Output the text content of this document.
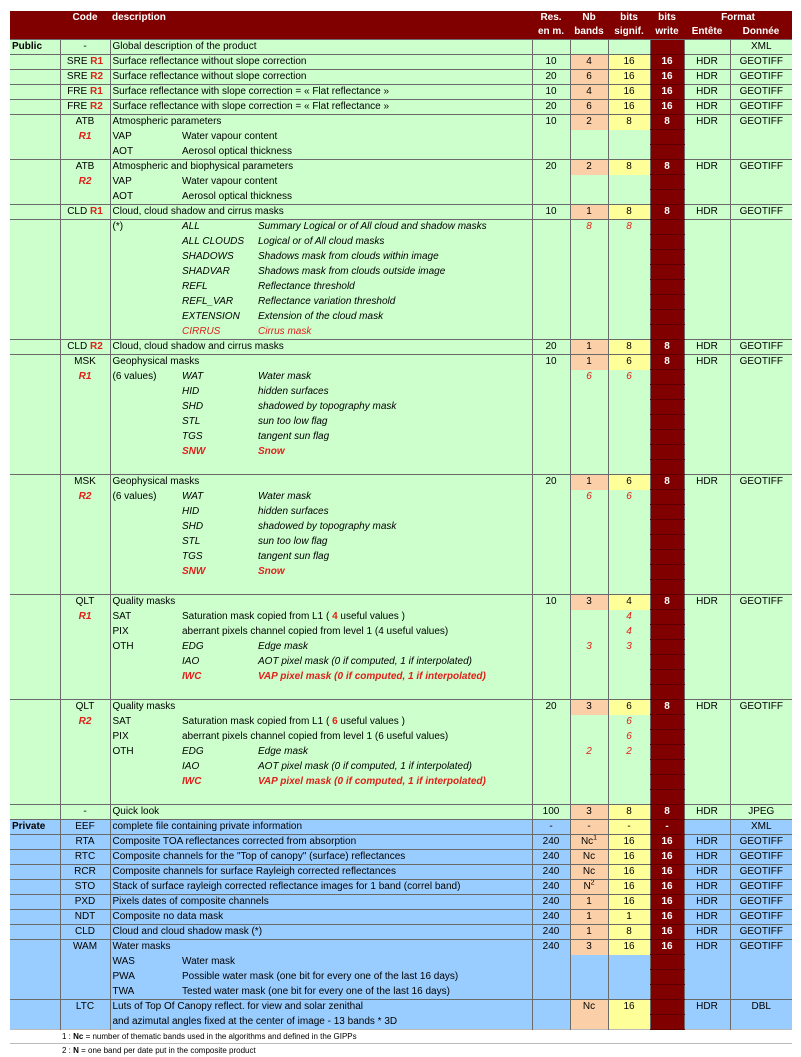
	Code	description			Res.	Nb	bits	bits	Format	
					en m.	bands	signif.	write	Entête	Donnée
Public	-	Global description of the product								XML
	SRE R1	Surface reflectance without slope correction			10	4	16	16	HDR	GEOTIFF
	SRE R2	Surface reflectance without slope correction			20	6	16	16	HDR	GEOTIFF
	FRE R1	Surface reflectance with slope correction = « Flat reflectance »			10	4	16	16	HDR	GEOTIFF
	FRE R2	Surface reflectance with slope correction = « Flat reflectance »			20	6	16	16	HDR	GEOTIFF
	ATB	Atmospheric parameters			10	2	8	8	HDR	GEOTIFF
	R1	VAP	Water vapour content							
		AOT	Aerosol optical thickness							
	ATB	Atmospheric and biophysical parameters			20	2	8	8	HDR	GEOTIFF
	R2	VAP	Water vapour content							
		AOT	Aerosol optical thickness							
	CLD R1	Cloud, cloud shadow and cirrus masks			10	1	8	8	HDR	GEOTIFF
		(*)	ALL	Summary Logical or of All cloud and shadow masks		8	8			
			ALL CLOUDS	Logical or of All cloud masks						
			SHADOWS	Shadows mask from clouds within image						
			SHADVAR	Shadows mask from clouds outside image						
			REFL	Reflectance threshold						
			REFL_VAR	Reflectance variation threshold						
			EXTENSION	Extension of the cloud mask						
			CIRRUS	Cirrus mask						
	CLD R2	Cloud, cloud shadow and cirrus masks			20	1	8	8	HDR	GEOTIFF
	MSK	Geophysical masks			10	1	6	8	HDR	GEOTIFF
	R1	(6 values)	WAT	Water mask		6	6			
			HID	hidden surfaces						
			SHD	shadowed by topography mask						
			STL	sun too low flag						
			TGS	tangent sun flag						
			SNW	Snow						

	MSK	Geophysical masks			20	1	6	8	HDR	GEOTIFF
	R2	(6 values)	WAT	Water mask		6	6			
			HID	hidden surfaces						
			SHD	shadowed by topography mask						
			STL	sun too low flag						
			TGS	tangent sun flag						
			SNW	Snow						

	QLT	Quality masks			10	3	4	8	HDR	GEOTIFF
	R1	SAT	Saturation mask copied from L1 ( 4 useful values )				4			
		PIX	aberrant pixels channel copied from level 1 (4 useful values)				4			
		OTH	EDG	Edge mask		3	3			
			IAO	AOT pixel mask (0 if computed, 1 if interpolated)						
			IWC	VAP pixel mask (0 if computed, 1 if interpolated)						

	QLT	Quality masks			20	3	6	8	HDR	GEOTIFF
	R2	SAT	Saturation mask copied from L1 ( 6 useful values )				6			
		PIX	aberrant pixels channel copied from level 1 (6 useful values)				6			
		OTH	EDG	Edge mask		2	2			
			IAO	AOT pixel mask (0 if computed, 1 if interpolated)						
			IWC	VAP pixel mask (0 if computed, 1 if interpolated)						

	-	Quick look			100	3	8	8	HDR	JPEG
Private	EEF	complete file containing private information			-	-	-	-		XML
	RTA	Composite TOA reflectances corrected from absorption			240	Nc$^1$	16	16	HDR	GEOTIFF
	RTC	Composite channels for the "Top of canopy" (surface) reflectances			240	Nc	16	16	HDR	GEOTIFF
	RCR	Composite channels for surface Rayleigh corrected reflectances			240	Nc	16	16	HDR	GEOTIFF
	STO	Stack of surface rayleigh corrected reflectance images for 1 band (correl band)			240	$N^2$	16	16	HDR	GEOTIFF
	PXD	Pixels dates of composite channels			240	1	16	16	HDR	GEOTIFF
	NDT	Composite no data mask			240	1	1	16	HDR	GEOTIFF
	CLD	Cloud and cloud shadow mask (*)			240	1	8	16	HDR	GEOTIFF
	WAM	Water masks			240	3	16	16	HDR	GEOTIFF
		WAS	Water mask							
		PWA	Possible water mask (one bit for every one of the last 16 days)							
		TWA	Tested water mask (one bit for every one of the last 16 days)							
	LTC	Luts of Top Of Canopy reflect. for view and solar zenithal				Nc	16		HDR	DBL
		and azimutal angles fixed at the center of image - 13 bands * 3D								
	1 : Nc = number of thematic bands used in the algorithms and defined in the GIPPs									
	2 : N = one band per date put in the composite product									
